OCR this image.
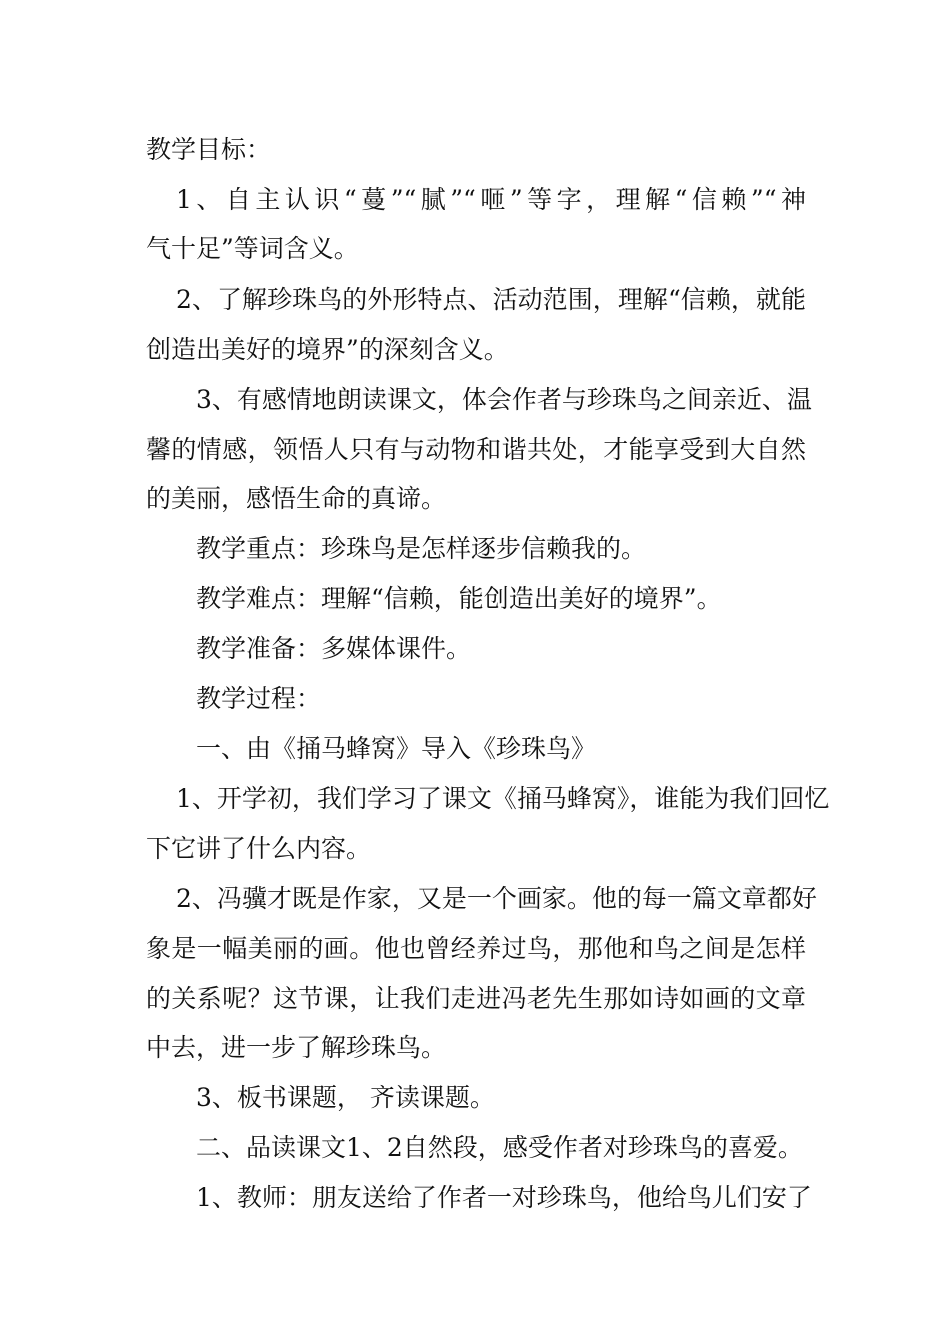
教学目标：
1、自主认识“蔓”“腻”“咂”等字，理解“信赖”“神
气十足”等词含义。
2、了解珍珠鸟的外形特点、活动范围，理解“信赖，就能
创造出美好的境界”的深刻含义。
3、有感情地朗读课文，体会作者与珍珠鸟之间亲近、温
馨的情感，领悟人只有与动物和谐共处，才能享受到大自然
的美丽，感悟生命的真谛。
教学重点：珍珠鸟是怎样逐步信赖我的。
教学难点：理解“信赖，能创造出美好的境界”。
教学准备：多媒体课件。
教学过程：
一、由《捅马蜂窝》导入《珍珠鸟》
1、开学初，我们学习了课文《捅马蜂窝》，谁能为我们回忆
下它讲了什么内容。
2、冯骥才既是作家，又是一个画家。他的每一篇文章都好
象是一幅美丽的画。他也曾经养过鸟，那他和鸟之间是怎样
的关系呢？这节课，让我们走进冯老先生那如诗如画的文章
中去，进一步了解珍珠鸟。
3、板书课题， 齐读课题。
二、品读课文1、2自然段，感受作者对珍珠鸟的喜爱。
1、教师：朋友送给了作者一对珍珠鸟，他给鸟儿们安了
